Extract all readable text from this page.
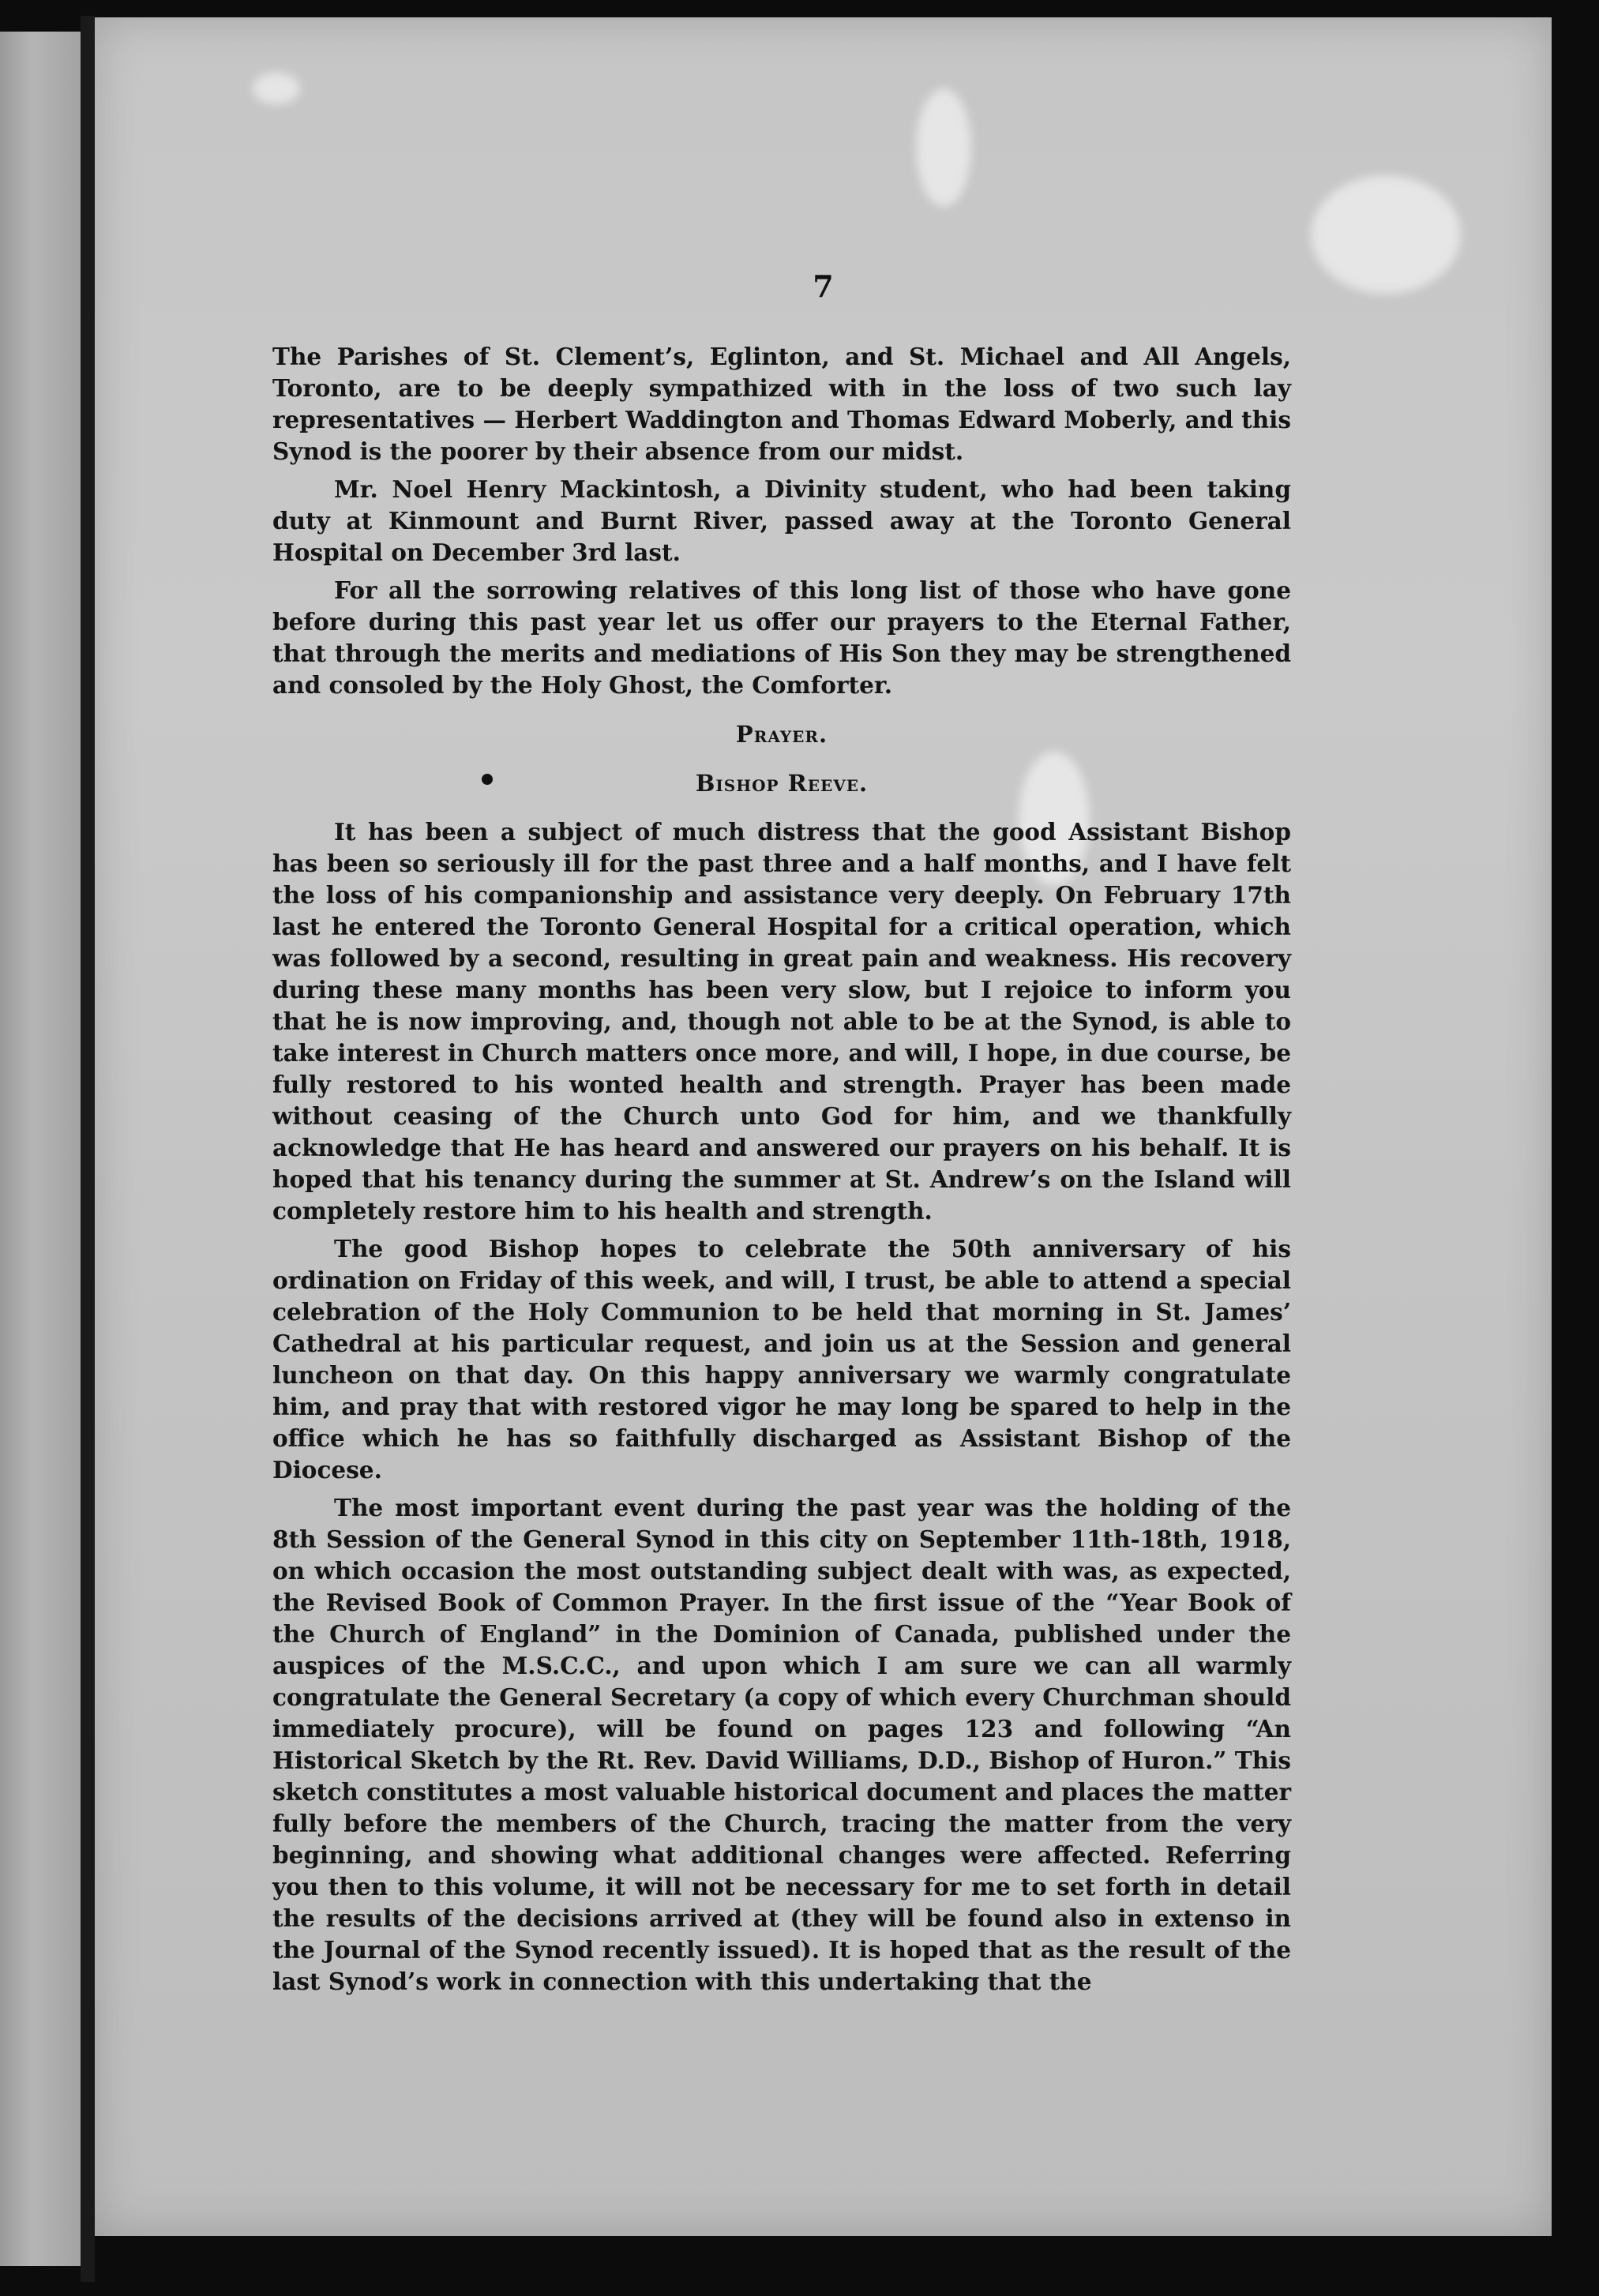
7

The Parishes of St. Clement’s, Eglinton, and St. Michael and All Angels, Toronto, are to be deeply sympathized with in the loss of two such lay representatives — Herbert Waddington and Thomas Edward Moberly, and this Synod is the poorer by their absence from our midst.

Mr. Noel Henry Mackintosh, a Divinity student, who had been taking duty at Kinmount and Burnt River, passed away at the Toronto General Hospital on December 3rd last.

For all the sorrowing relatives of this long list of those who have gone before during this past year let us offer our prayers to the Eternal Father, that through the merits and mediations of His Son they may be strengthened and consoled by the Holy Ghost, the Comforter.

Prayer.
Bishop Reeve.

It has been a subject of much distress that the good Assistant Bishop has been so seriously ill for the past three and a half months, and I have felt the loss of his companionship and assistance very deeply. On February 17th last he entered the Toronto General Hospital for a critical operation, which was followed by a second, resulting in great pain and weakness. His recovery during these many months has been very slow, but I rejoice to inform you that he is now improving, and, though not able to be at the Synod, is able to take interest in Church matters once more, and will, I hope, in due course, be fully restored to his wonted health and strength. Prayer has been made without ceasing of the Church unto God for him, and we thankfully acknowledge that He has heard and answered our prayers on his behalf. It is hoped that his tenancy during the summer at St. Andrew’s on the Island will completely restore him to his health and strength.

The good Bishop hopes to celebrate the 50th anniversary of his ordination on Friday of this week, and will, I trust, be able to attend a special celebration of the Holy Communion to be held that morning in St. James’ Cathedral at his particular request, and join us at the Session and general luncheon on that day. On this happy anniversary we warmly congratulate him, and pray that with restored vigor he may long be spared to help in the office which he has so faithfully discharged as Assistant Bishop of the Diocese.

The most important event during the past year was the holding of the 8th Session of the General Synod in this city on September 11th-18th, 1918, on which occasion the most outstanding subject dealt with was, as expected, the Revised Book of Common Prayer. In the first issue of the “Year Book of the Church of England” in the Dominion of Canada, published under the auspices of the M.S.C.C., and upon which I am sure we can all warmly congratulate the General Secretary (a copy of which every Churchman should immediately procure), will be found on pages 123 and following “An Historical Sketch by the Rt. Rev. David Williams, D.D., Bishop of Huron.” This sketch constitutes a most valuable historical document and places the matter fully before the members of the Church, tracing the matter from the very beginning, and showing what additional changes were affected. Referring you then to this volume, it will not be necessary for me to set forth in detail the results of the decisions arrived at (they will be found also in extenso in the Journal of the Synod recently issued). It is hoped that as the result of the last Synod’s work in connection with this undertaking that the
